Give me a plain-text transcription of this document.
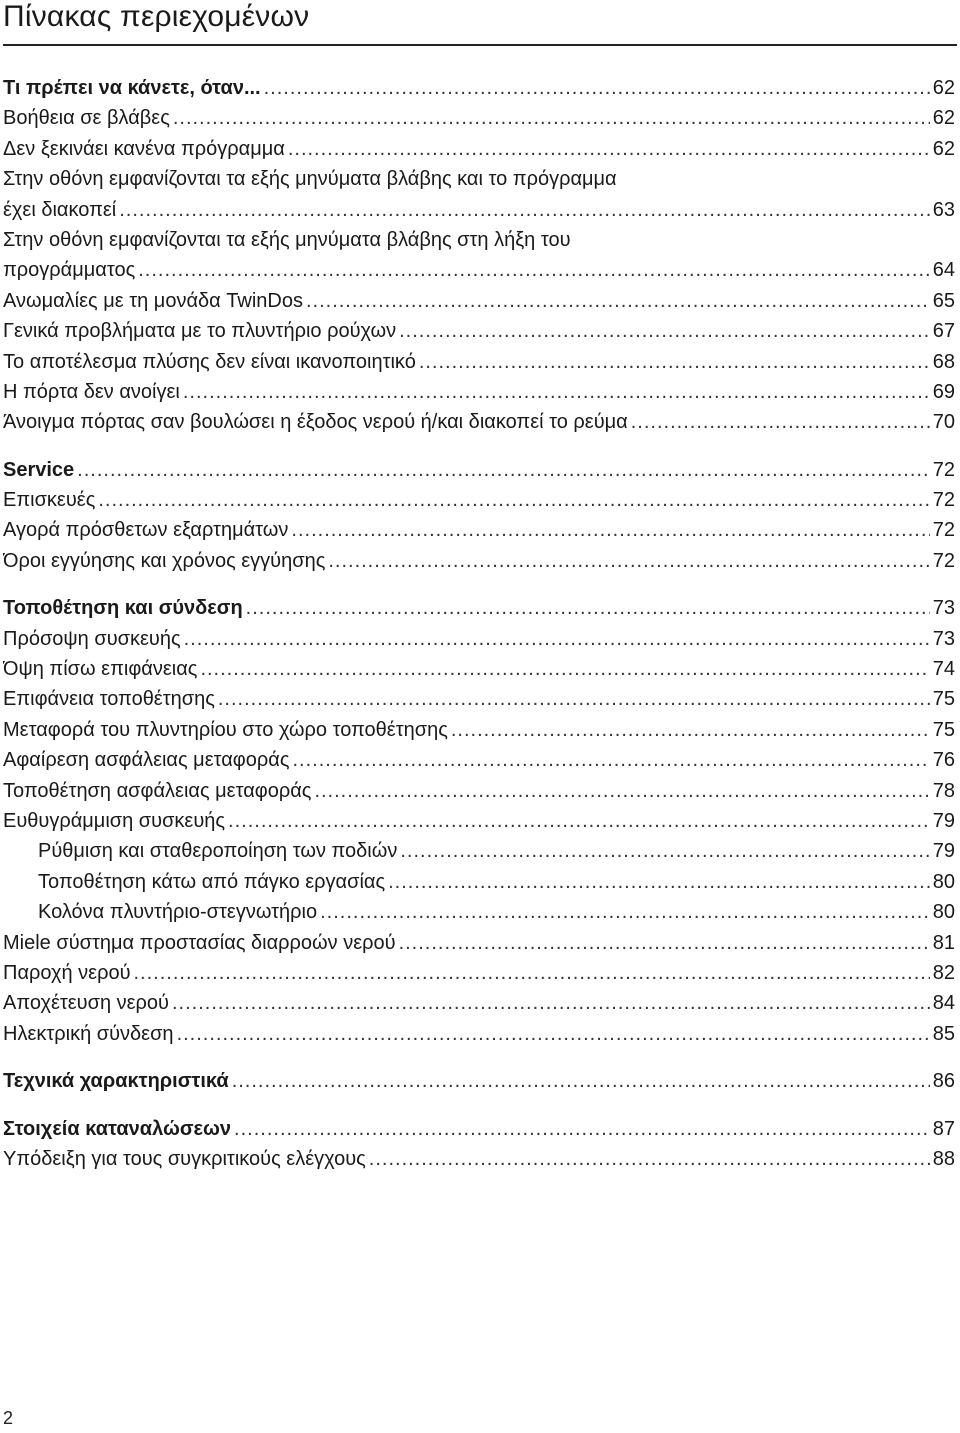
Πίνακας περιεχομένων
Τι πρέπει να κάνετε, όταν... .....	62
Βοήθεια σε βλάβες .....	62
Δεν ξεκινάει κανένα πρόγραμμα .....	62
Στην οθόνη εμφανίζονται τα εξής μηνύματα βλάβης και το πρόγραμμα
έχει διακοπεί .....	63
Στην οθόνη εμφανίζονται τα εξής μηνύματα βλάβης στη λήξη του
προγράμματος .....	64
Ανωμαλίες με τη μονάδα TwinDos .....	65
Γενικά προβλήματα με το πλυντήριο ρούχων .....	67
Το αποτέλεσμα πλύσης δεν είναι ικανοποιητικό .....	68
Η πόρτα δεν ανοίγει .....	69
Άνοιγμα πόρτας σαν βουλώσει η έξοδος νερού ή/και διακοπεί το ρεύμα .....	70
Service .....	72
Επισκευές .....	72
Αγορά πρόσθετων εξαρτημάτων .....	72
Όροι εγγύησης και χρόνος εγγύησης .....	72
Τοποθέτηση και σύνδεση .....	73
Πρόσοψη συσκευής .....	73
Όψη πίσω επιφάνειας .....	74
Επιφάνεια τοποθέτησης .....	75
Μεταφορά του πλυντηρίου στο χώρο τοποθέτησης .....	75
Αφαίρεση ασφάλειας μεταφοράς .....	76
Τοποθέτηση ασφάλειας μεταφοράς .....	78
Ευθυγράμμιση συσκευής .....	79
Ρύθμιση και σταθεροποίηση των ποδιών .....	79
Τοποθέτηση κάτω από πάγκο εργασίας .....	80
Κολόνα πλυντήριο-στεγνωτήριο .....	80
Miele σύστημα προστασίας διαρροών νερού .....	81
Παροχή νερού .....	82
Αποχέτευση νερού .....	84
Ηλεκτρική σύνδεση .....	85
Τεχνικά χαρακτηριστικά .....	86
Στοιχεία καταναλώσεων .....	87
Υπόδειξη για τους συγκριτικούς ελέγχους .....	88
2
